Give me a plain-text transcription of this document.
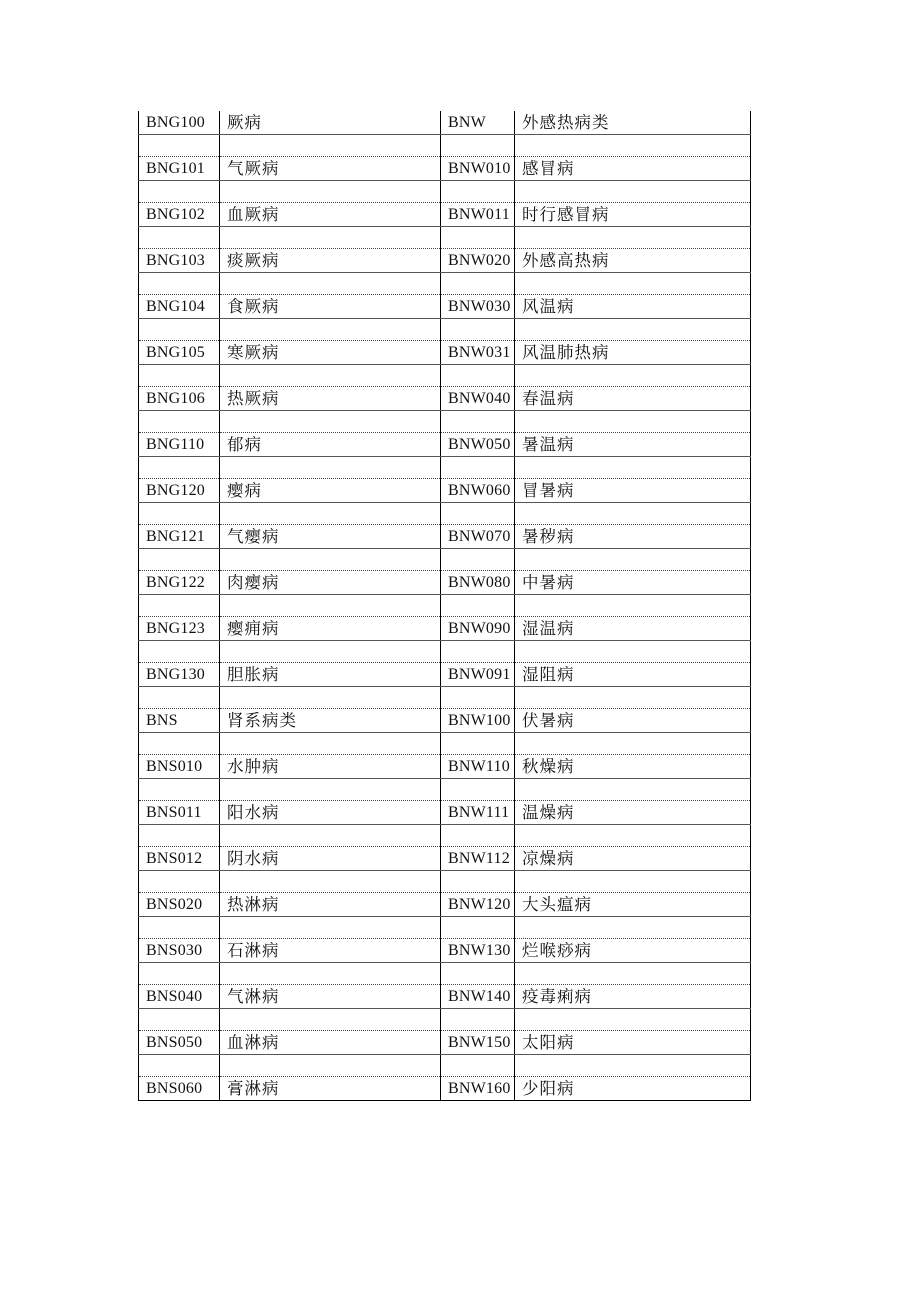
BNG100	厥病	BNW	外感热病类

BNG101	气厥病	BNW010	感冒病

BNG102	血厥病	BNW011	时行感冒病

BNG103	痰厥病	BNW020	外感高热病

BNG104	食厥病	BNW030	风温病

BNG105	寒厥病	BNW031	风温肺热病

BNG106	热厥病	BNW040	春温病

BNG110	郁病	BNW050	暑温病

BNG120	瘿病	BNW060	冒暑病

BNG121	气瘿病	BNW070	暑秽病

BNG122	肉瘿病	BNW080	中暑病

BNG123	瘿痈病	BNW090	湿温病

BNG130	胆胀病	BNW091	湿阻病

BNS	肾系病类	BNW100	伏暑病

BNS010	水肿病	BNW110	秋燥病

BNS011	阳水病	BNW111	温燥病

BNS012	阴水病	BNW112	凉燥病

BNS020	热淋病	BNW120	大头瘟病

BNS030	石淋病	BNW130	烂喉痧病

BNS040	气淋病	BNW140	疫毒痢病

BNS050	血淋病	BNW150	太阳病

BNS060	膏淋病	BNW160	少阳病
